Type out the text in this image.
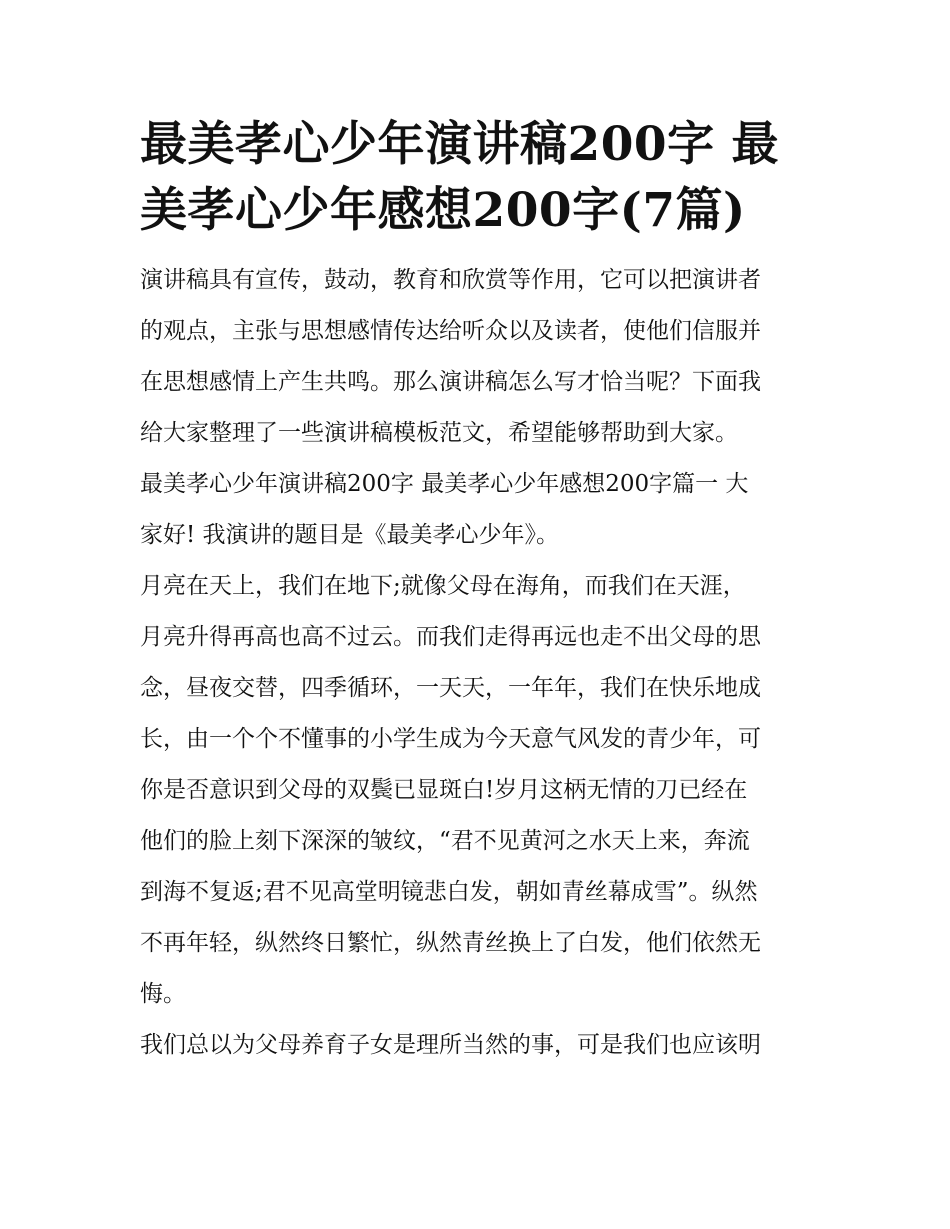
最美孝心少年演讲稿200字 最
美孝心少年感想200字(7篇)
演讲稿具有宣传，鼓动，教育和欣赏等作用，它可以把演讲者
的观点，主张与思想感情传达给听众以及读者，使他们信服并
在思想感情上产生共鸣。那么演讲稿怎么写才恰当呢？下面我
给大家整理了一些演讲稿模板范文，希望能够帮助到大家。
最美孝心少年演讲稿200字 最美孝心少年感想200字篇一 大
家好! 我演讲的题目是《最美孝心少年》。
月亮在天上，我们在地下;就像父母在海角，而我们在天涯，
月亮升得再高也高不过云。而我们走得再远也走不出父母的思
念，昼夜交替，四季循环，一天天，一年年，我们在快乐地成
长，由一个个不懂事的小学生成为今天意气风发的青少年，可
你是否意识到父母的双鬓已显斑白!岁月这柄无情的刀已经在
他们的脸上刻下深深的皱纹，“君不见黄河之水天上来，奔流
到海不复返;君不见高堂明镜悲白发，朝如青丝幕成雪”。纵然
不再年轻，纵然终日繁忙，纵然青丝换上了白发，他们依然无
悔。
我们总以为父母养育子女是理所当然的事，可是我们也应该明
